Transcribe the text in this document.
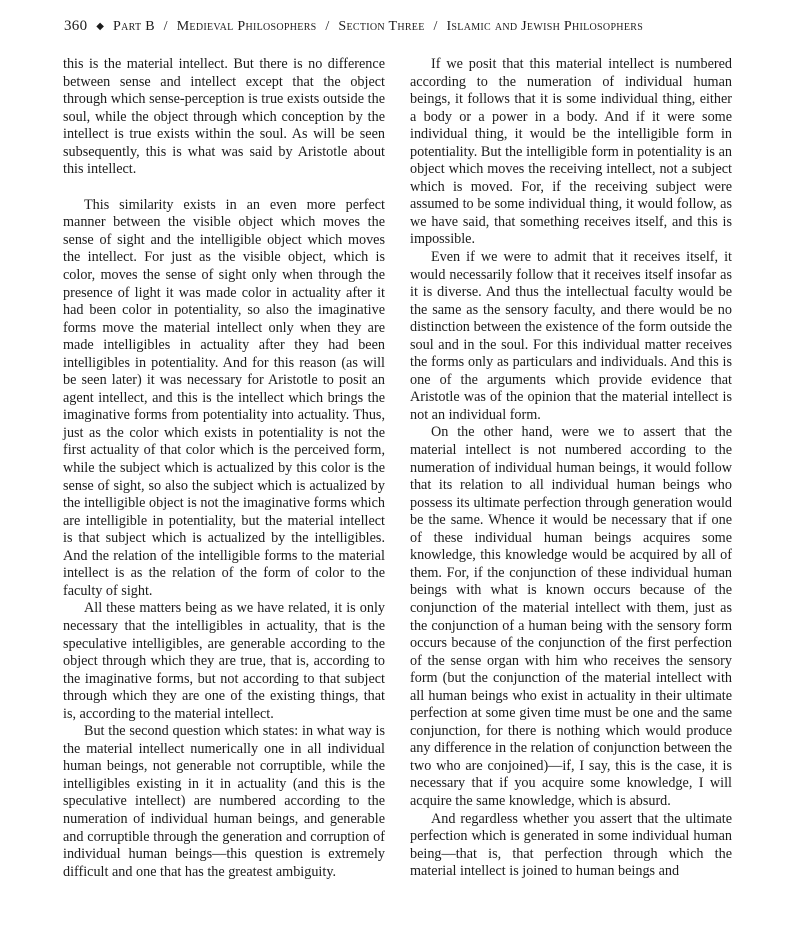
360 ◆ Part B / Medieval Philosophers / Section Three / Islamic and Jewish Philosophers

this is the material intellect. But there is no difference between sense and intellect except that the object through which sense-perception is true exists outside the soul, while the object through which conception by the intellect is true exists within the soul. As will be seen subsequently, this is what was said by Aristotle about this intellect.

This similarity exists in an even more perfect manner between the visible object which moves the sense of sight and the intelligible object which moves the intellect. For just as the visible object, which is color, moves the sense of sight only when through the presence of light it was made color in actuality after it had been color in potentiality, so also the imaginative forms move the material intellect only when they are made intelligibles in actuality after they had been intelligibles in potentiality. And for this reason (as will be seen later) it was necessary for Aristotle to posit an agent intellect, and this is the intellect which brings the imaginative forms from potentiality into actuality. Thus, just as the color which exists in potentiality is not the first actuality of that color which is the perceived form, while the subject which is actualized by this color is the sense of sight, so also the subject which is actualized by the intelligible object is not the imaginative forms which are intelligible in potentiality, but the material intellect is that subject which is actualized by the intelligibles. And the relation of the intelligible forms to the material intellect is as the relation of the form of color to the faculty of sight.

All these matters being as we have related, it is only necessary that the intelligibles in actuality, that is the speculative intelligibles, are generable according to the object through which they are true, that is, according to the imaginative forms, but not according to that subject through which they are one of the existing things, that is, according to the material intellect.

But the second question which states: in what way is the material intellect numerically one in all individual human beings, not generable not corruptible, while the intelligibles existing in it in actuality (and this is the speculative intellect) are numbered according to the numeration of individual human beings, and generable and corruptible through the generation and corruption of individual human beings—this question is extremely difficult and one that has the greatest ambiguity.

If we posit that this material intellect is numbered according to the numeration of individual human beings, it follows that it is some individual thing, either a body or a power in a body. And if it were some individual thing, it would be the intelligible form in potentiality. But the intelligible form in potentiality is an object which moves the receiving intellect, not a subject which is moved. For, if the receiving subject were assumed to be some individual thing, it would follow, as we have said, that something receives itself, and this is impossible.

Even if we were to admit that it receives itself, it would necessarily follow that it receives itself insofar as it is diverse. And thus the intellectual faculty would be the same as the sensory faculty, and there would be no distinction between the existence of the form outside the soul and in the soul. For this individual matter receives the forms only as particulars and individuals. And this is one of the arguments which provide evidence that Aristotle was of the opinion that the material intellect is not an individual form.

On the other hand, were we to assert that the material intellect is not numbered according to the numeration of individual human beings, it would follow that its relation to all individual human beings who possess its ultimate perfection through generation would be the same. Whence it would be necessary that if one of these individual human beings acquires some knowledge, this knowledge would be acquired by all of them. For, if the conjunction of these individual human beings with what is known occurs because of the conjunction of the material intellect with them, just as the conjunction of a human being with the sensory form occurs because of the conjunction of the first perfection of the sense organ with him who receives the sensory form (but the conjunction of the material intellect with all human beings who exist in actuality in their ultimate perfection at some given time must be one and the same conjunction, for there is nothing which would produce any difference in the relation of conjunction between the two who are conjoined)—if, I say, this is the case, it is necessary that if you acquire some knowledge, I will acquire the same knowledge, which is absurd.

And regardless whether you assert that the ultimate perfection which is generated in some individual human being—that is, that perfection through which the material intellect is joined to human beings and
